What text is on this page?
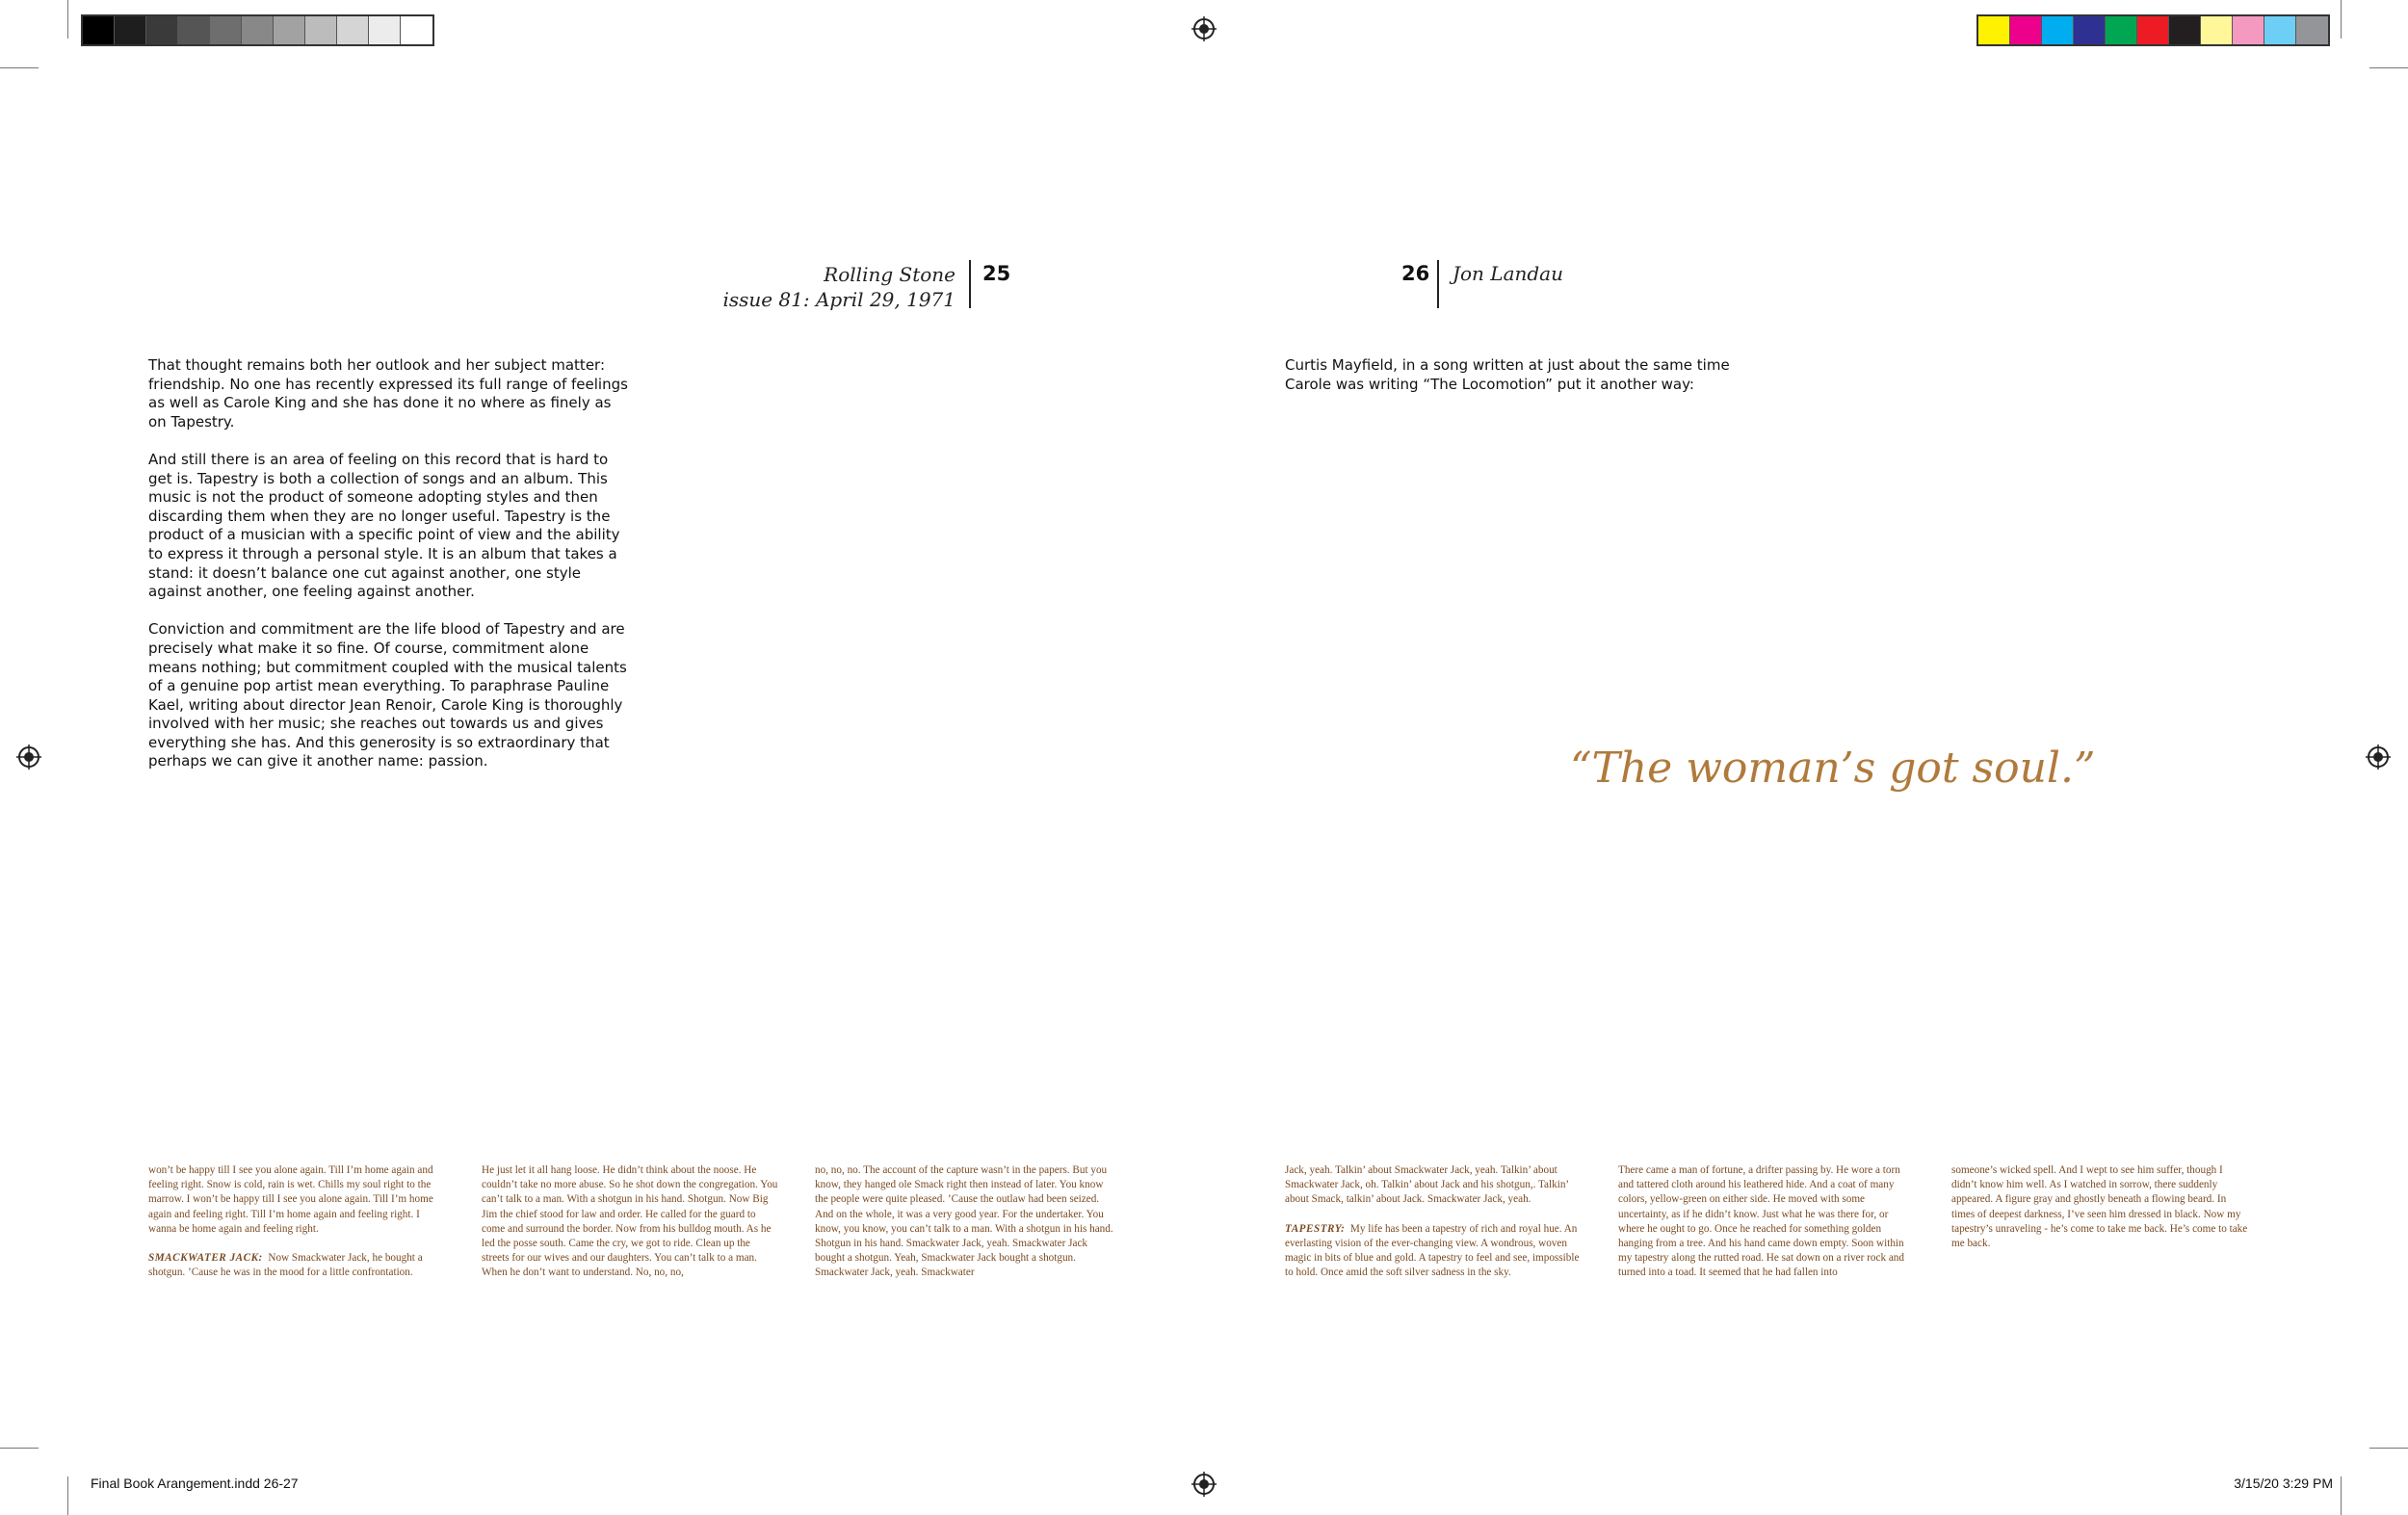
Rolling Stone
issue 81: April 29, 1971
25	26 Jon Landau

That thought remains both her outlook and her subject matter: friendship. No one has recently expressed its full range of feelings as well as Carole King and she has done it no where as finely as on Tapestry.

And still there is an area of feeling on this record that is hard to get is. Tapestry is both a collection of songs and an album. This music is not the product of someone adopting styles and then discarding them when they are no longer useful. Tapestry is the product of a musician with a specific point of view and the ability to express it through a personal style. It is an album that takes a stand: it doesn’t balance one cut against another, one style against another, one feeling against another.

Conviction and commitment are the life blood of Tapestry and are precisely what make it so fine. Of course, commitment alone means nothing; but commitment coupled with the musical talents of a genuine pop artist mean everything. To paraphrase Pauline Kael, writing about director Jean Renoir, Carole King is thoroughly involved with her music; she reaches out towards us and gives everything she has. And this generosity is so extraordinary that perhaps we can give it another name: passion.

Curtis Mayfield, in a song written at just about the same time Carole was writing “The Locomotion” put it another way:

“The woman’s got soul.”

won’t be happy till I see you alone again. Till I’m home again and feeling right. Snow is cold, rain is wet. Chills my soul right to the marrow. I won’t be happy till I see you alone again. Till I’m home again and feeling right. Till I’m home again and feeling right. I wanna be home again and feeling right.

SMACKWATER JACK: Now Smackwater Jack, he bought a shotgun. ’Cause he was in the mood for a little confrontation.

He just let it all hang loose. He didn’t think about the noose. He couldn’t take no more abuse. So he shot down the congregation. You can’t talk to a man. With a shotgun in his hand. Shotgun. Now Big Jim the chief stood for law and order. He called for the guard to come and surround the border. Now from his bulldog mouth. As he led the posse south. Came the cry, we got to ride. Clean up the streets for our wives and our daughters. You can’t talk to a man. When he don’t want to understand. No, no, no,

no, no, no. The account of the capture wasn’t in the papers. But you know, they hanged ole Smack right then instead of later. You know the people were quite pleased. ’Cause the outlaw had been seized. And on the whole, it was a very good year. For the undertaker. You know, you know, you can’t talk to a man. With a shotgun in his hand. Shotgun in his hand. Smackwater Jack, yeah. Smackwater Jack bought a shotgun. Yeah, Smackwater Jack bought a shotgun. Smackwater Jack, yeah. Smackwater

Jack, yeah. Talkin’ about Smackwater Jack, yeah. Talkin’ about Smackwater Jack, oh. Talkin’ about Jack and his shotgun,. Talkin’ about Smack, talkin’ about Jack. Smackwater Jack, yeah.

TAPESTRY: My life has been a tapestry of rich and royal hue. An everlasting vision of the ever-changing view. A wondrous, woven magic in bits of blue and gold. A tapestry to feel and see, impossible to hold. Once amid the soft silver sadness in the sky.

There came a man of fortune, a drifter passing by. He wore a torn and tattered cloth around his leathered hide. And a coat of many colors, yellow-green on either side. He moved with some uncertainty, as if he didn’t know. Just what he was there for, or where he ought to go. Once he reached for something golden hanging from a tree. And his hand came down empty. Soon within my tapestry along the rutted road. He sat down on a river rock and turned into a toad. It seemed that he had fallen into

someone’s wicked spell. And I wept to see him suffer, though I didn’t know him well. As I watched in sorrow, there suddenly appeared. A figure gray and ghostly beneath a flowing beard. In times of deepest darkness, I’ve seen him dressed in black. Now my tapestry’s unraveling - he’s come to take me back. He’s come to take me back.

Final Book Arangement.indd 26-27	3/15/20 3:29 PM
